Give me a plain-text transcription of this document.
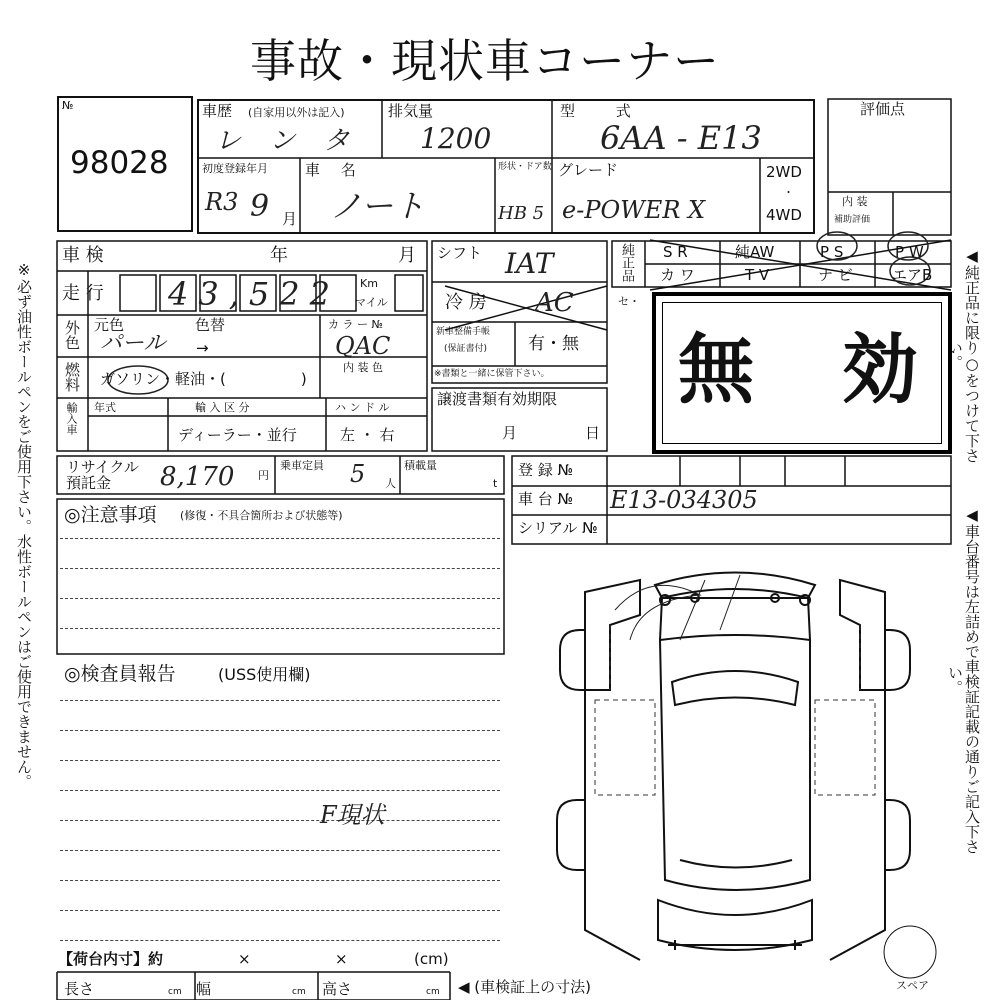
事故・現状車コーナー
※必ず油性ボールペンをご使用下さい。水性ボールペンはご使用できません。	◀純正品に限り○をつけて下さい。
◀車台番号は左詰めで車検証記載の通りご記入下さい。
№
98028
車歴 (自家用以外は記入)
レ ン タ
排気量
1200
型 式
6AA - E13
評価点
内 装
補助評価
初度登録年月
R3 9 月
車 名
ノート
形状・ドア数
HB 5
グレード
e-POWER X
2WD
・
4WD
車 検	年	月
走 行 43,522 Km
マイル
外色 元色	色替
パール →
カ ラ ー №
QAC
燃料 ガソリン・軽油・(　　　　　)
内 装 色
輸入車 年式	輸 入 区 分
ディーラー・並行
ハ ン ド ル
左 ・ 右
シフト IAT
冷 房 AC	セ・
新車整備手帳
(保証書付) 有・無
※書類と一緒に保管下さい。
純正品 S R	純AW	P S	P W
カ ワ	T V	ナ ビ	エアB
無　効
譲渡書類有効期限
月	日
リサイクル
預託金 8,170 円
乗車定員 5 人
積載量
t
登 録 №
車 台 № E13-034305
シリアル №
◎注意事項 (修復・不具合箇所および状態等)
◎検査員報告	(USS使用欄)
F現状
【荷台内寸】約	×	×	(cm)
長さ	cm 幅	cm 高さ	cm ◀ (車検証上の寸法)	スペア
